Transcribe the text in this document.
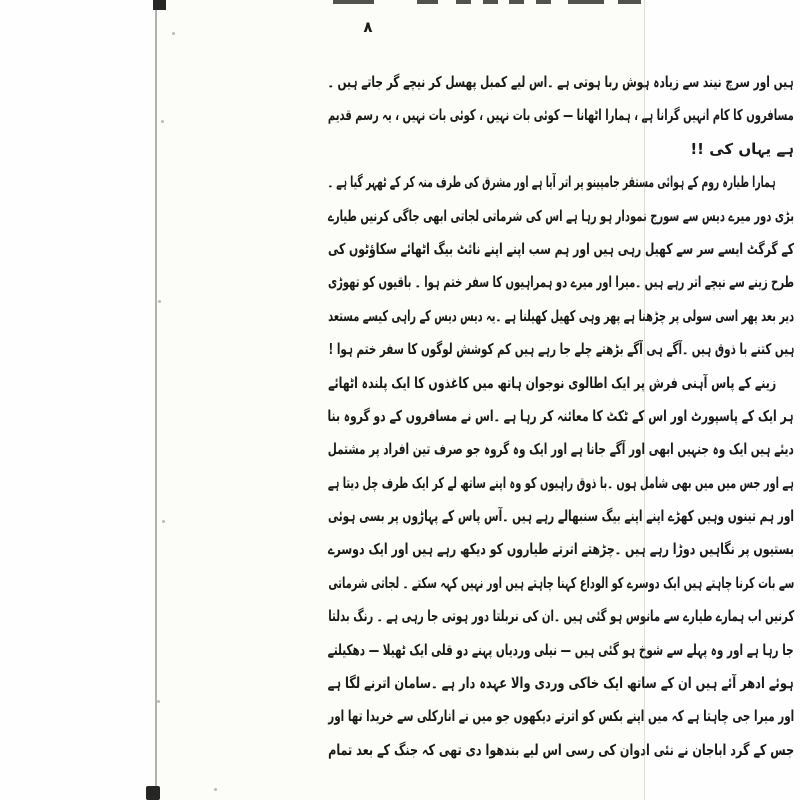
۸
ہیں اور سرچ نیند سے زیادہ ہوش ربا ہوتی ہے ۔اس لیے کمبل پھسل کر نیچے گر جاتے ہیں ۔
مسافروں کا کام انہیں گرانا ہے ، ہمارا اٹھانا — کوئی بات نہیں ، کوئی بات نہیں ، یہ رسم قدیم
ہے یہاں کی !!
ہمارا طیارہ روم کے ہوائی مستقر جامپینو پر اتر آیا ہے اور مشرق کی طرف منہ کر کے ٹھہر گیا ہے ۔
بڑی دور میرے دیس سے سورج نمودار ہو رہا ہے اس کی شرماتی لجاتی ابھی جاگی کرنیں طیارے
کے گرگٹ ایسے سر سے کھیل رہی ہیں اور ہم سب اپنے اپنے نائٹ بیگ اٹھائے سکاؤٹوں کی
طرح زینے سے نیچے اتر رہے ہیں ۔میرا اور میرے دو ہمراہیوں کا سفر ختم ہوا ۔ باقیوں کو تھوڑی
دیر بعد پھر اسی سولی پر چڑھنا ہے پھر وہی کھیل کھیلنا ہے ۔یہ دیس دیس کے راہی کیسے مستعد
ہیں کتنے با ذوق ہیں ۔آگے ہی آگے بڑھتے چلے جا رہے ہیں کم کوشش لوگوں کا سفر ختم ہوا !
زینے کے پاس آہنی فرش پر ایک اطالوی نوجوان ہاتھ میں کاغذوں کا ایک پلندہ اٹھائے
ہر ایک کے پاسپورٹ اور اس کے ٹکٹ کا معائنہ کر رہا ہے ۔اس نے مسافروں کے دو گروہ بنا
دیئے ہیں ایک وہ جنہیں ابھی اور آگے جانا ہے اور ایک وہ گروہ جو صرف تین افراد پر مشتمل
ہے اور جس میں میں بھی شامل ہوں ۔با ذوق راہیوں کو وہ اپنے ساتھ لے کر ایک طرف چل دیتا ہے
اور ہم تینوں وہیں کھڑے اپنے اپنے بیگ سنبھالے رہے ہیں ۔آس پاس کے پہاڑوں پر بسی ہوئی
بستیوں پر نگاہیں دوڑا رہے ہیں ۔چڑھتے اترتے طیاروں کو دیکھ رہے ہیں اور ایک دوسرے
سے بات کرنا چاہتے ہیں ایک دوسرے کو الوداع کہنا چاہتے ہیں اور نہیں کہہ سکتے ۔ لجاتی شرماتی
کرنیں اب ہمارے طیارے سے مانوس ہو گئی ہیں ۔ان کی نربلتا دور ہوتی جا رہی ہے ۔ رنگ بدلتا
جا رہا ہے اور وہ پہلے سے شوخ ہو گئی ہیں — نیلی وردیاں پہنے دو قلی ایک ٹھیلا — دھکیلتے
ہوئے ادھر آئے ہیں ان کے ساتھ ایک خاکی وردی والا عہدہ دار ہے ۔سامان اترنے لگا ہے
اور میرا جی چاہتا ہے کہ میں اپنے بکس کو اترتے دیکھوں جو میں نے انارکلی سے خریدا تھا اور
جس کے گرد اباجان نے نئی ادوان کی رسی اس لیے بندھوا دی تھی کہ جنگ کے بعد تمام
